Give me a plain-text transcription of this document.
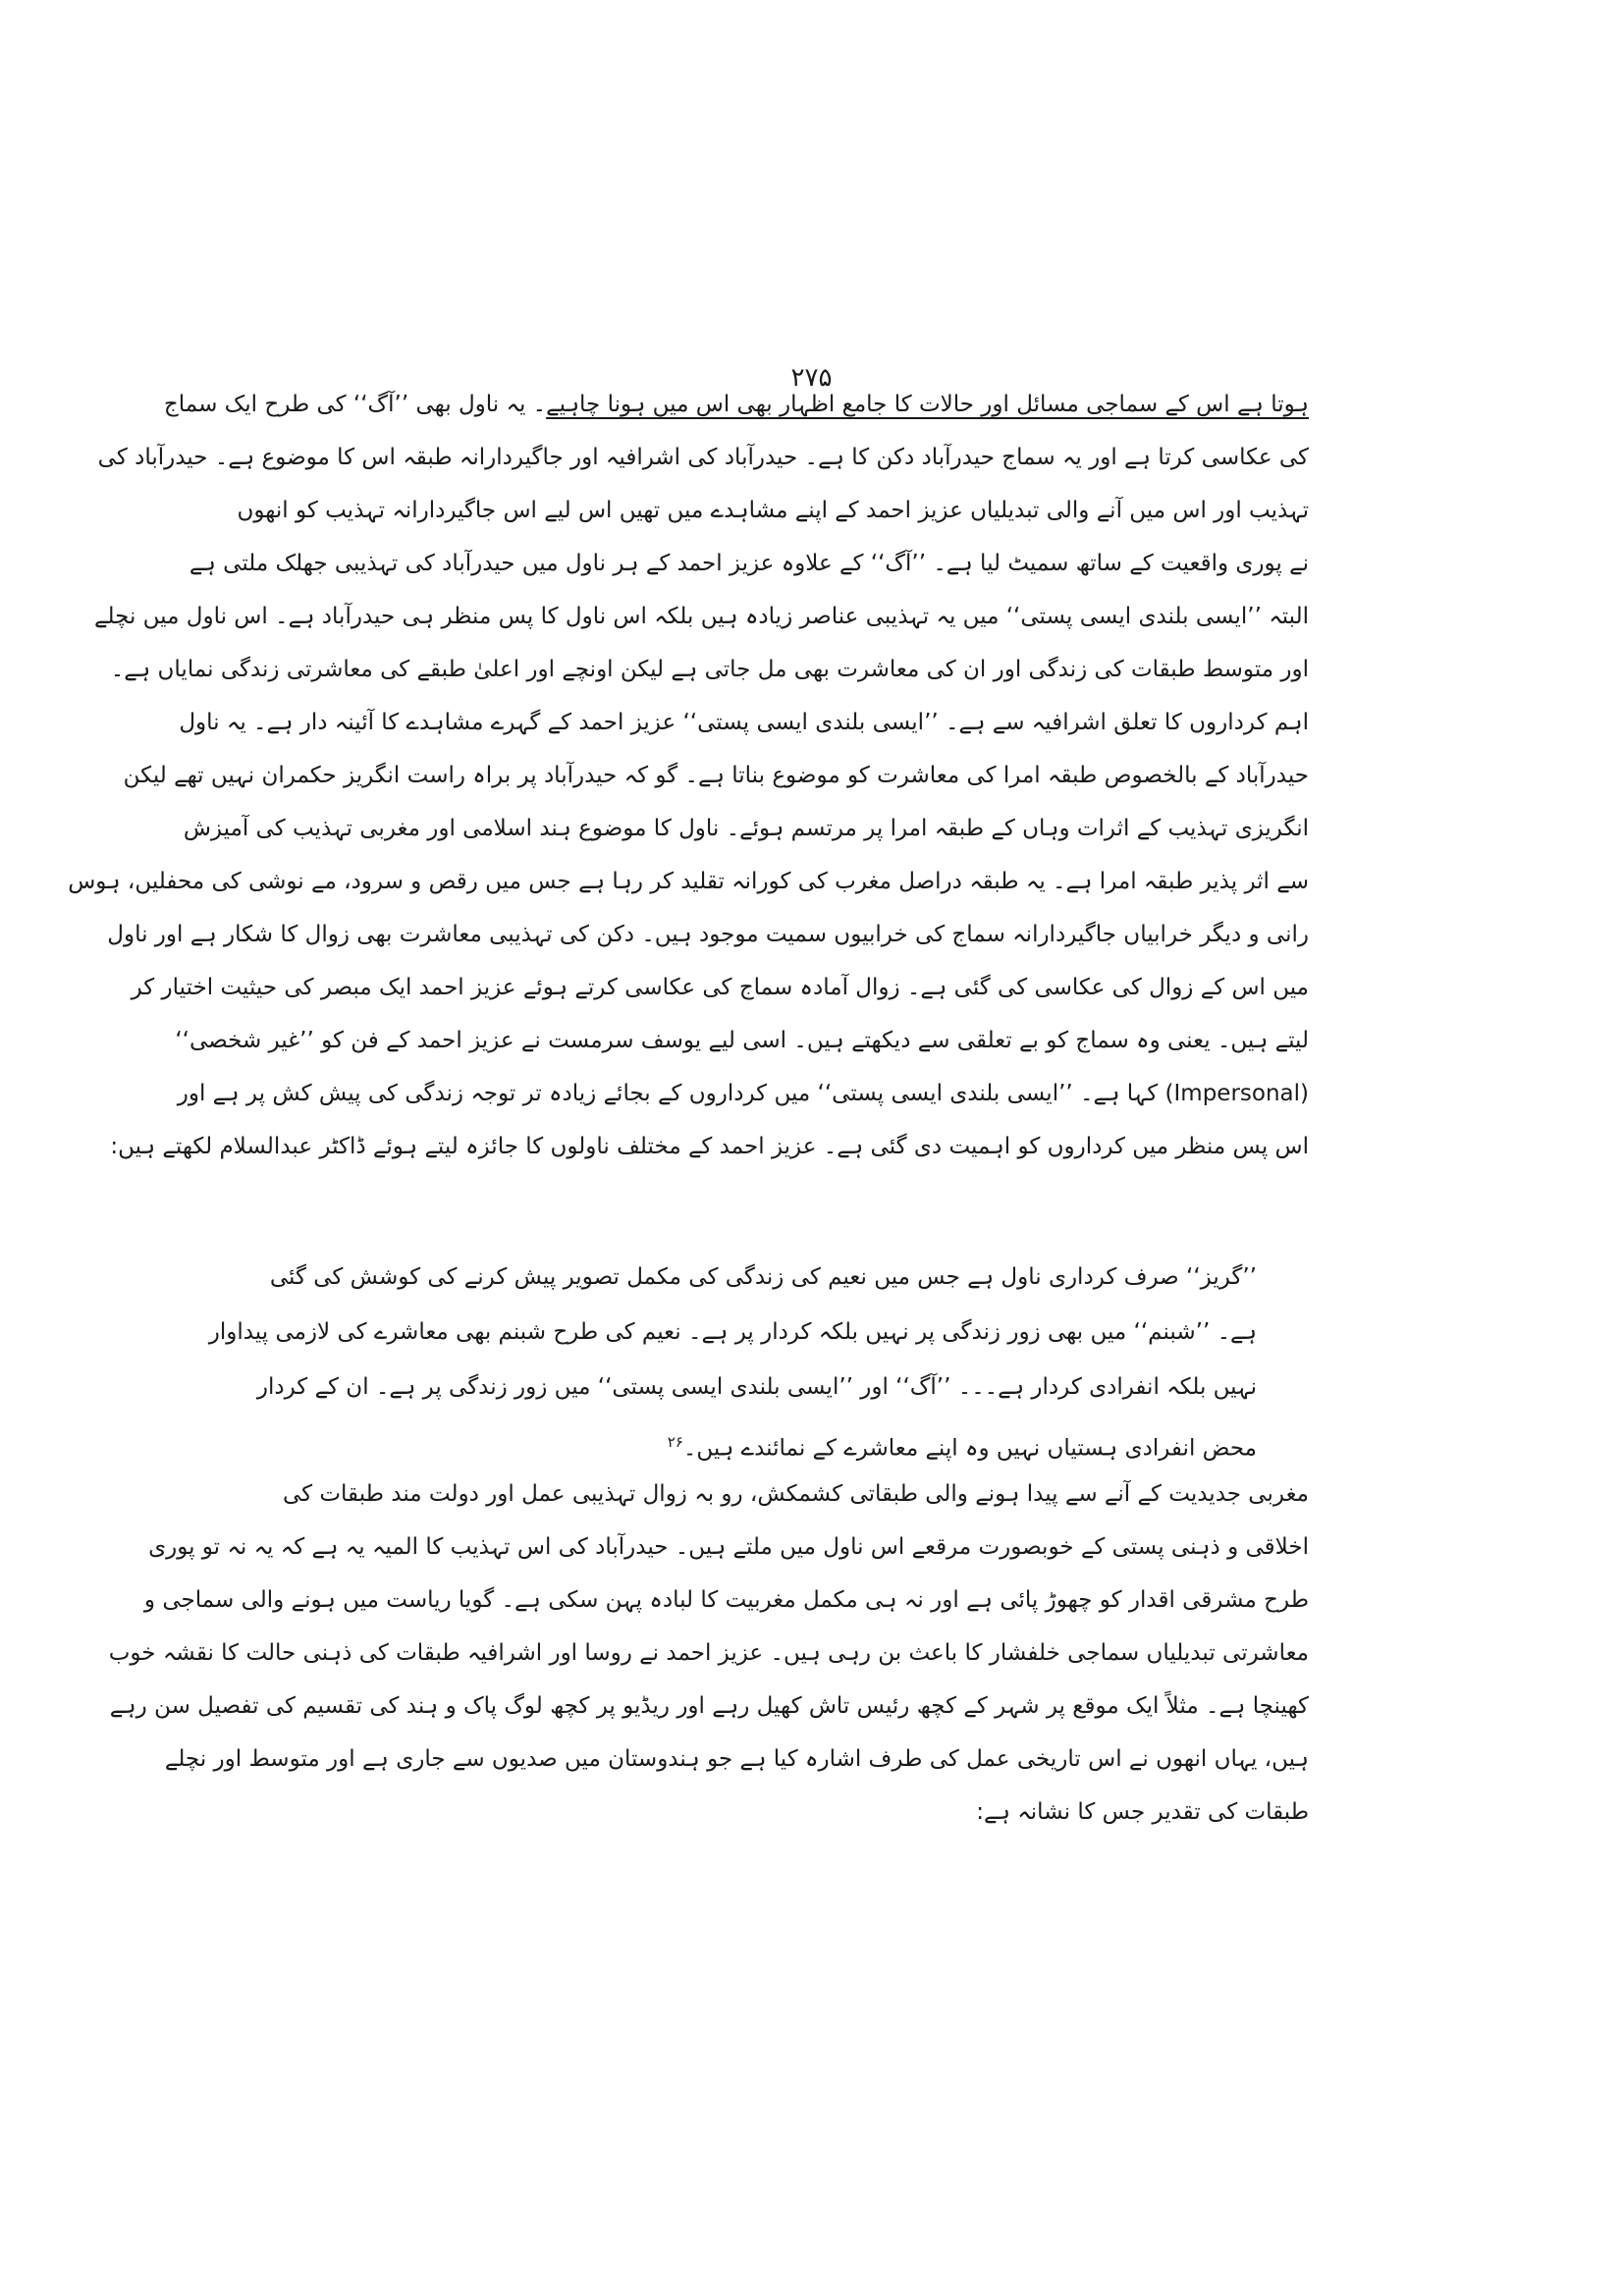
۲۷۵
ہوتا ہے اس کے سماجی مسائل اور حالات کا جامع اظہار بھی اس میں ہونا چاہیے۔ یہ ناول بھی ’’آگ‘‘ کی طرح ایک سماج
کی عکاسی کرتا ہے اور یہ سماج حیدرآباد دکن کا ہے۔ حیدرآباد کی اشرافیہ اور جاگیردارانہ طبقہ اس کا موضوع ہے۔ حیدرآباد کی
تہذیب اور اس میں آنے والی تبدیلیاں عزیز احمد کے اپنے مشاہدے میں تھیں اس لیے اس جاگیردارانہ تہذیب کو انھوں
نے پوری واقعیت کے ساتھ سمیٹ لیا ہے۔ ’’آگ‘‘ کے علاوہ عزیز احمد کے ہر ناول میں حیدرآباد کی تہذیبی جھلک ملتی ہے
البتہ ’’ایسی بلندی ایسی پستی‘‘ میں یہ تہذیبی عناصر زیادہ ہیں بلکہ اس ناول کا پس منظر ہی حیدرآباد ہے۔ اس ناول میں نچلے
اور متوسط طبقات کی زندگی اور ان کی معاشرت بھی مل جاتی ہے لیکن اونچے اور اعلیٰ طبقے کی معاشرتی زندگی نمایاں ہے۔
اہم کرداروں کا تعلق اشرافیہ سے ہے۔ ’’ایسی بلندی ایسی پستی‘‘ عزیز احمد کے گہرے مشاہدے کا آئینہ دار ہے۔ یہ ناول
حیدرآباد کے بالخصوص طبقہ امرا کی معاشرت کو موضوع بناتا ہے۔ گو کہ حیدرآباد پر براہ راست انگریز حکمران نہیں تھے لیکن
انگریزی تہذیب کے اثرات وہاں کے طبقہ امرا پر مرتسم ہوئے۔ ناول کا موضوع ہند اسلامی اور مغربی تہذیب کی آمیزش
سے اثر پذیر طبقہ امرا ہے۔ یہ طبقہ دراصل مغرب کی کورانہ تقلید کر رہا ہے جس میں رقص و سرود، مے نوشی کی محفلیں، ہوس
رانی و دیگر خرابیاں جاگیردارانہ سماج کی خرابیوں سمیت موجود ہیں۔ دکن کی تہذیبی معاشرت بھی زوال کا شکار ہے اور ناول
میں اس کے زوال کی عکاسی کی گئی ہے۔ زوال آمادہ سماج کی عکاسی کرتے ہوئے عزیز احمد ایک مبصر کی حیثیت اختیار کر
لیتے ہیں۔ یعنی وہ سماج کو بے تعلقی سے دیکھتے ہیں۔ اسی لیے یوسف سرمست نے عزیز احمد کے فن کو ’’غیر شخصی‘‘
(Impersonal) کہا ہے۔ ’’ایسی بلندی ایسی پستی‘‘ میں کرداروں کے بجائے زیادہ تر توجہ زندگی کی پیش کش پر ہے اور
اس پس منظر میں کرداروں کو اہمیت دی گئی ہے۔ عزیز احمد کے مختلف ناولوں کا جائزہ لیتے ہوئے ڈاکٹر عبدالسلام لکھتے ہیں:
’’گریز‘‘ صرف کرداری ناول ہے جس میں نعیم کی زندگی کی مکمل تصویر پیش کرنے کی کوشش کی گئی
ہے۔ ’’شبنم‘‘ میں بھی زور زندگی پر نہیں بلکہ کردار پر ہے۔ نعیم کی طرح شبنم بھی معاشرے کی لازمی پیداوار
نہیں بلکہ انفرادی کردار ہے۔۔۔ ’’آگ‘‘ اور ’’ایسی بلندی ایسی پستی‘‘ میں زور زندگی پر ہے۔ ان کے کردار
محض انفرادی ہستیاں نہیں وہ اپنے معاشرے کے نمائندے ہیں۔$^{۲۶}$
مغربی جدیدیت کے آنے سے پیدا ہونے والی طبقاتی کشمکش، رو بہ زوال تہذیبی عمل اور دولت مند طبقات کی
اخلاقی و ذہنی پستی کے خوبصورت مرقعے اس ناول میں ملتے ہیں۔ حیدرآباد کی اس تہذیب کا المیہ یہ ہے کہ یہ نہ تو پوری
طرح مشرقی اقدار کو چھوڑ پائی ہے اور نہ ہی مکمل مغربیت کا لبادہ پہن سکی ہے۔ گویا ریاست میں ہونے والی سماجی و
معاشرتی تبدیلیاں سماجی خلفشار کا باعث بن رہی ہیں۔ عزیز احمد نے روسا اور اشرافیہ طبقات کی ذہنی حالت کا نقشہ خوب
کھینچا ہے۔ مثلاً ایک موقع پر شہر کے کچھ رئیس تاش کھیل رہے اور ریڈیو پر کچھ لوگ پاک و ہند کی تقسیم کی تفصیل سن رہے
ہیں، یہاں انھوں نے اس تاریخی عمل کی طرف اشارہ کیا ہے جو ہندوستان میں صدیوں سے جاری ہے اور متوسط اور نچلے
طبقات کی تقدیر جس کا نشانہ ہے:
